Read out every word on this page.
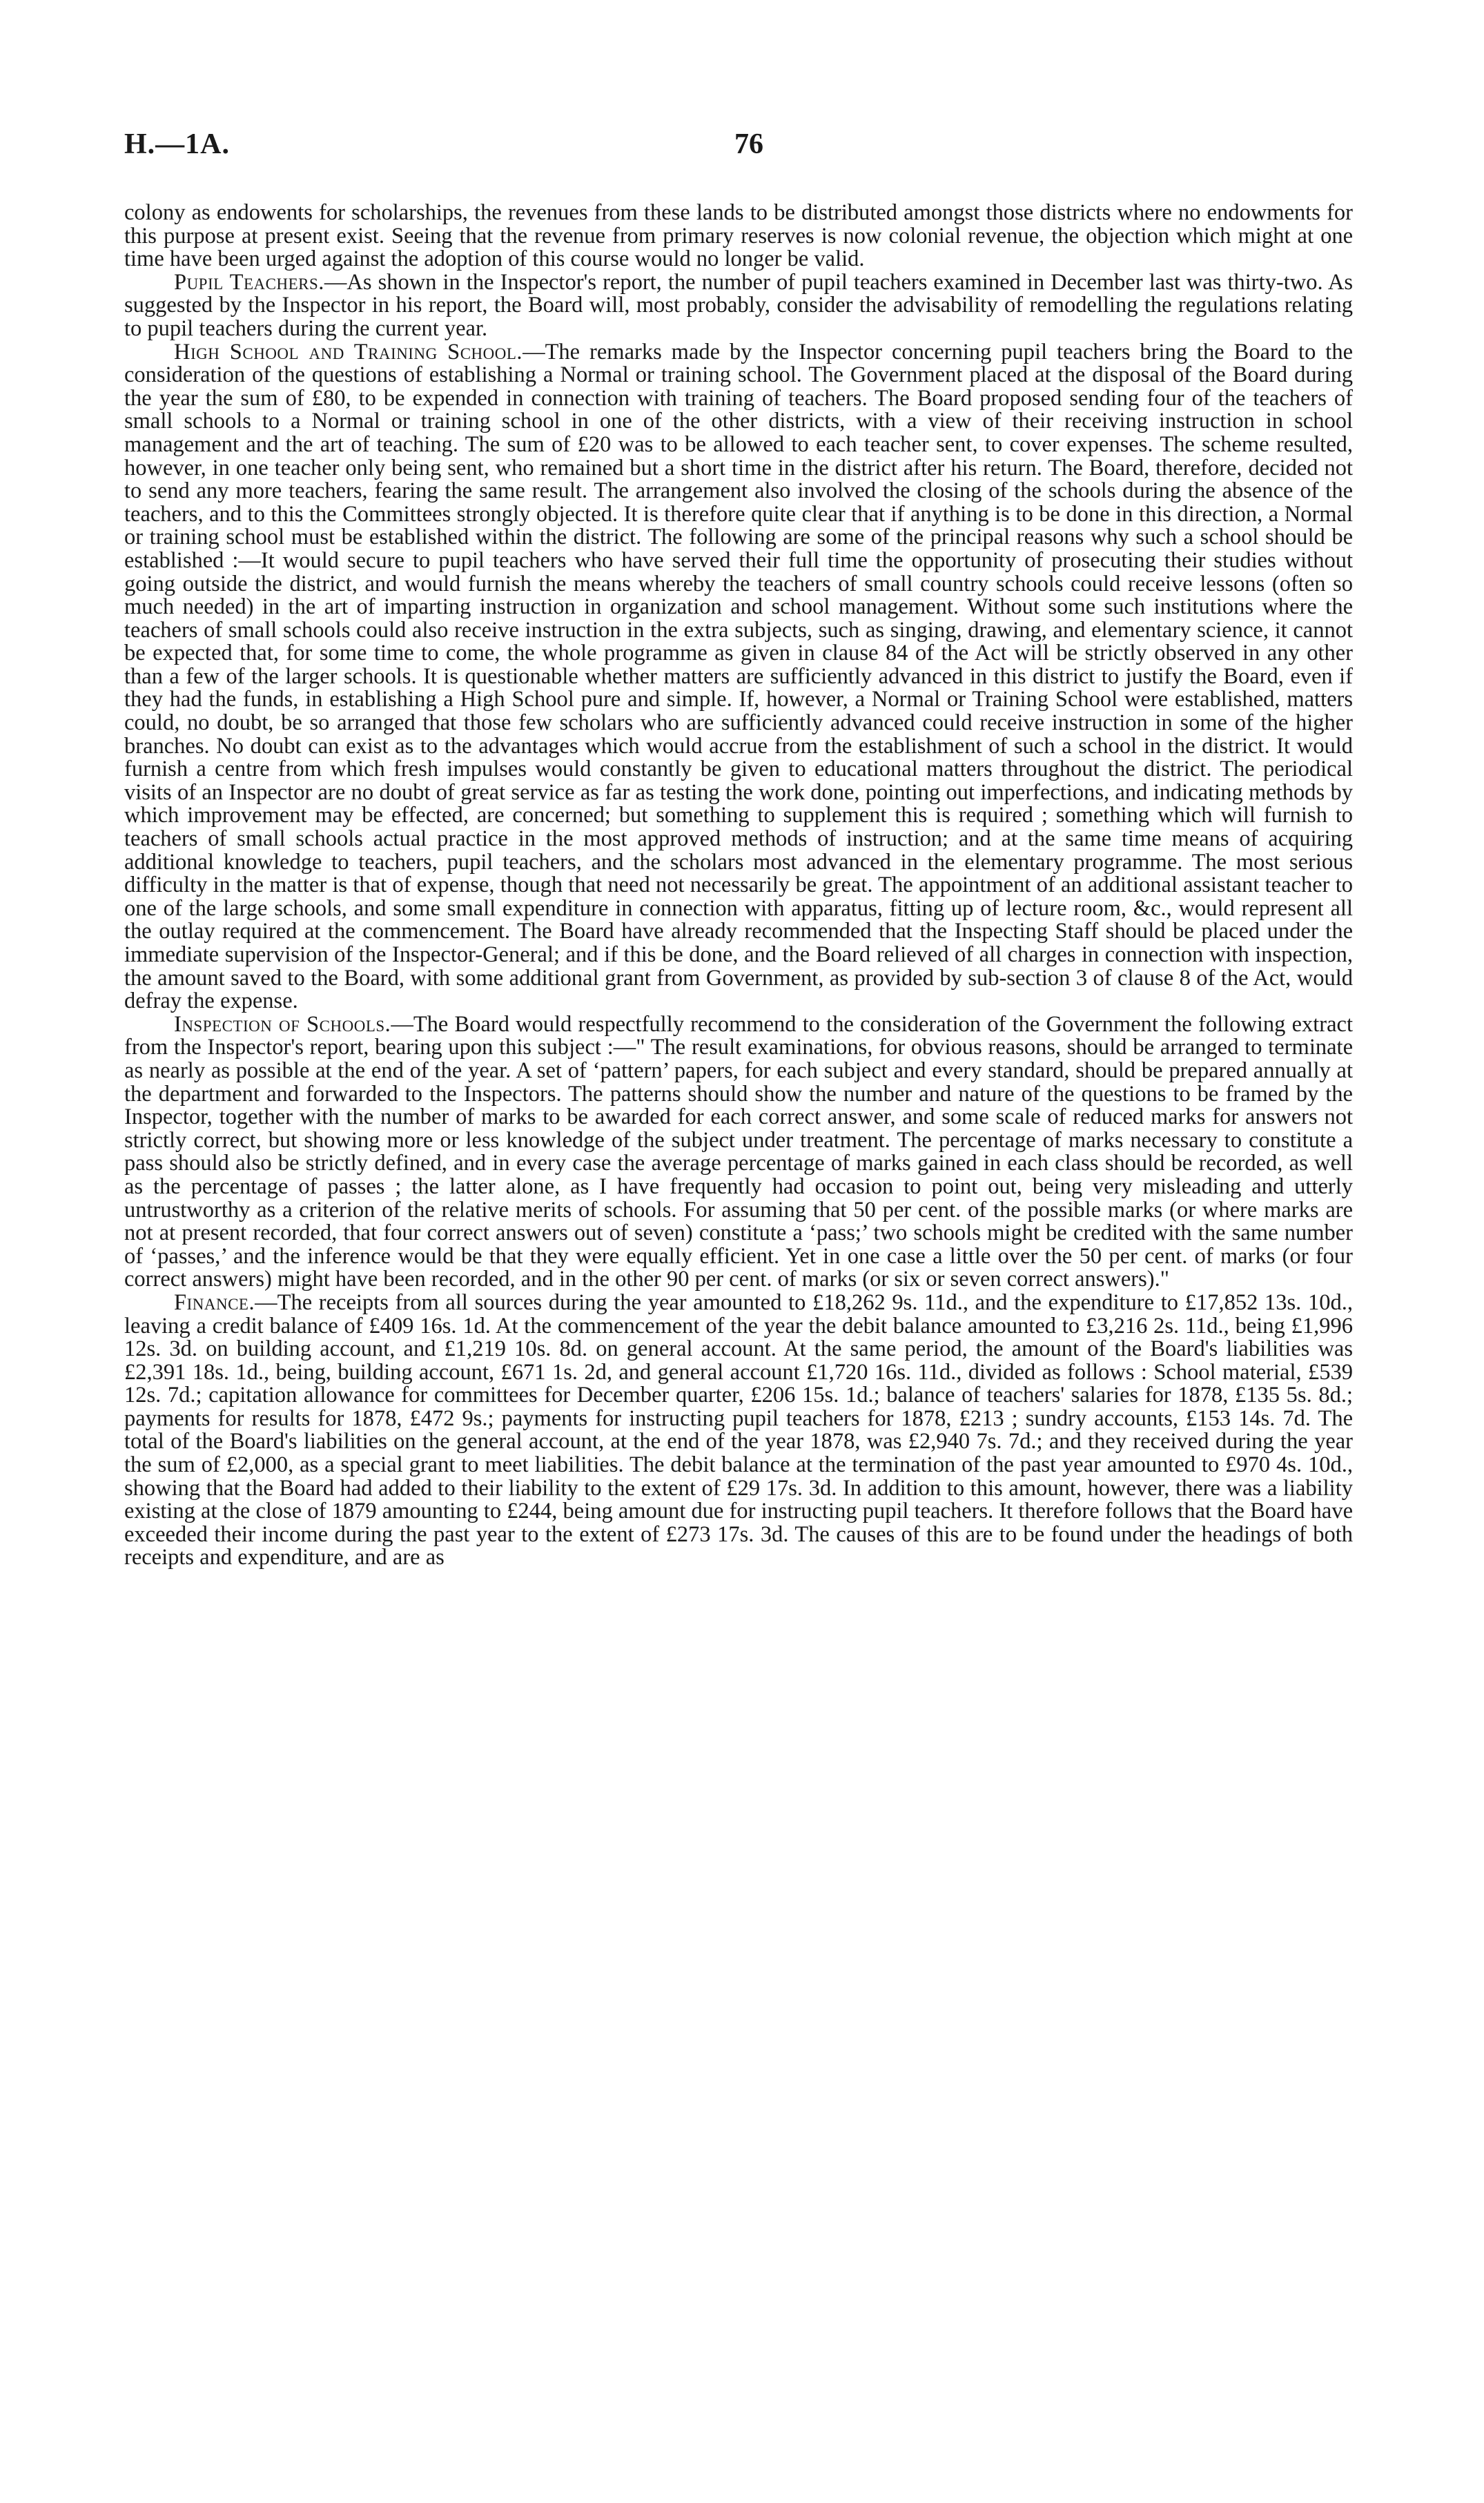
H.—1A.	76

colony as endowents for scholarships, the revenues from these lands to be distributed amongst those districts where no endowments for this purpose at present exist. Seeing that the revenue from primary reserves is now colonial revenue, the objection which might at one time have been urged against the adoption of this course would no longer be valid.

Pupil Teachers.—As shown in the Inspector's report, the number of pupil teachers examined in December last was thirty-two. As suggested by the Inspector in his report, the Board will, most probably, consider the advisability of remodelling the regulations relating to pupil teachers during the current year.

High School and Training School.—The remarks made by the Inspector concerning pupil teachers bring the Board to the consideration of the questions of establishing a Normal or training school. The Government placed at the disposal of the Board during the year the sum of £80, to be expended in connection with training of teachers. The Board proposed sending four of the teachers of small schools to a Normal or training school in one of the other districts, with a view of their receiving instruction in school management and the art of teaching. The sum of £20 was to be allowed to each teacher sent, to cover expenses. The scheme resulted, however, in one teacher only being sent, who remained but a short time in the district after his return. The Board, therefore, decided not to send any more teachers, fearing the same result. The arrangement also involved the closing of the schools during the absence of the teachers, and to this the Committees strongly objected. It is therefore quite clear that if anything is to be done in this direction, a Normal or training school must be established within the district. The following are some of the principal reasons why such a school should be established :—It would secure to pupil teachers who have served their full time the opportunity of prosecuting their studies without going outside the district, and would furnish the means whereby the teachers of small country schools could receive lessons (often so much needed) in the art of imparting instruction in organization and school management. Without some such institutions where the teachers of small schools could also receive instruction in the extra subjects, such as singing, drawing, and elementary science, it cannot be expected that, for some time to come, the whole programme as given in clause 84 of the Act will be strictly observed in any other than a few of the larger schools. It is questionable whether matters are sufficiently advanced in this district to justify the Board, even if they had the funds, in establishing a High School pure and simple. If, however, a Normal or Training School were established, matters could, no doubt, be so arranged that those few scholars who are sufficiently advanced could receive instruction in some of the higher branches. No doubt can exist as to the advantages which would accrue from the establishment of such a school in the district. It would furnish a centre from which fresh impulses would constantly be given to educational matters throughout the district. The periodical visits of an Inspector are no doubt of great service as far as testing the work done, pointing out imperfections, and indicating methods by which improvement may be effected, are concerned; but something to supplement this is required ; something which will furnish to teachers of small schools actual practice in the most approved methods of instruction; and at the same time means of acquiring additional knowledge to teachers, pupil teachers, and the scholars most advanced in the elementary programme. The most serious difficulty in the matter is that of expense, though that need not necessarily be great. The appointment of an additional assistant teacher to one of the large schools, and some small expenditure in connection with apparatus, fitting up of lecture room, &c., would represent all the outlay required at the commencement. The Board have already recommended that the Inspecting Staff should be placed under the immediate supervision of the Inspector-General; and if this be done, and the Board relieved of all charges in connection with inspection, the amount saved to the Board, with some additional grant from Government, as provided by sub-section 3 of clause 8 of the Act, would defray the expense.

Inspection of Schools.—The Board would respectfully recommend to the consideration of the Government the following extract from the Inspector's report, bearing upon this subject :—" The result examinations, for obvious reasons, should be arranged to terminate as nearly as possible at the end of the year. A set of ‘pattern’ papers, for each subject and every standard, should be prepared annually at the department and forwarded to the Inspectors. The patterns should show the number and nature of the questions to be framed by the Inspector, together with the number of marks to be awarded for each correct answer, and some scale of reduced marks for answers not strictly correct, but showing more or less knowledge of the subject under treatment. The percentage of marks necessary to constitute a pass should also be strictly defined, and in every case the average percentage of marks gained in each class should be recorded, as well as the percentage of passes ; the latter alone, as I have frequently had occasion to point out, being very misleading and utterly untrustworthy as a criterion of the relative merits of schools. For assuming that 50 per cent. of the possible marks (or where marks are not at present recorded, that four correct answers out of seven) constitute a ‘pass;’ two schools might be credited with the same number of ‘passes,’ and the inference would be that they were equally efficient. Yet in one case a little over the 50 per cent. of marks (or four correct answers) might have been recorded, and in the other 90 per cent. of marks (or six or seven correct answers)."

Finance.—The receipts from all sources during the year amounted to £18,262 9s. 11d., and the expenditure to £17,852 13s. 10d., leaving a credit balance of £409 16s. 1d. At the commencement of the year the debit balance amounted to £3,216 2s. 11d., being £1,996 12s. 3d. on building account, and £1,219 10s. 8d. on general account. At the same period, the amount of the Board's liabilities was £2,391 18s. 1d., being, building account, £671 1s. 2d, and general account £1,720 16s. 11d., divided as follows : School material, £539 12s. 7d.; capitation allowance for committees for December quarter, £206 15s. 1d.; balance of teachers' salaries for 1878, £135 5s. 8d.; payments for results for 1878, £472 9s.; payments for instructing pupil teachers for 1878, £213 ; sundry accounts, £153 14s. 7d. The total of the Board's liabilities on the general account, at the end of the year 1878, was £2,940 7s. 7d.; and they received during the year the sum of £2,000, as a special grant to meet liabilities. The debit balance at the termination of the past year amounted to £970 4s. 10d., showing that the Board had added to their liability to the extent of £29 17s. 3d. In addition to this amount, however, there was a liability existing at the close of 1879 amounting to £244, being amount due for instructing pupil teachers. It therefore follows that the Board have exceeded their income during the past year to the extent of £273 17s. 3d. The causes of this are to be found under the headings of both receipts and expenditure, and are as
